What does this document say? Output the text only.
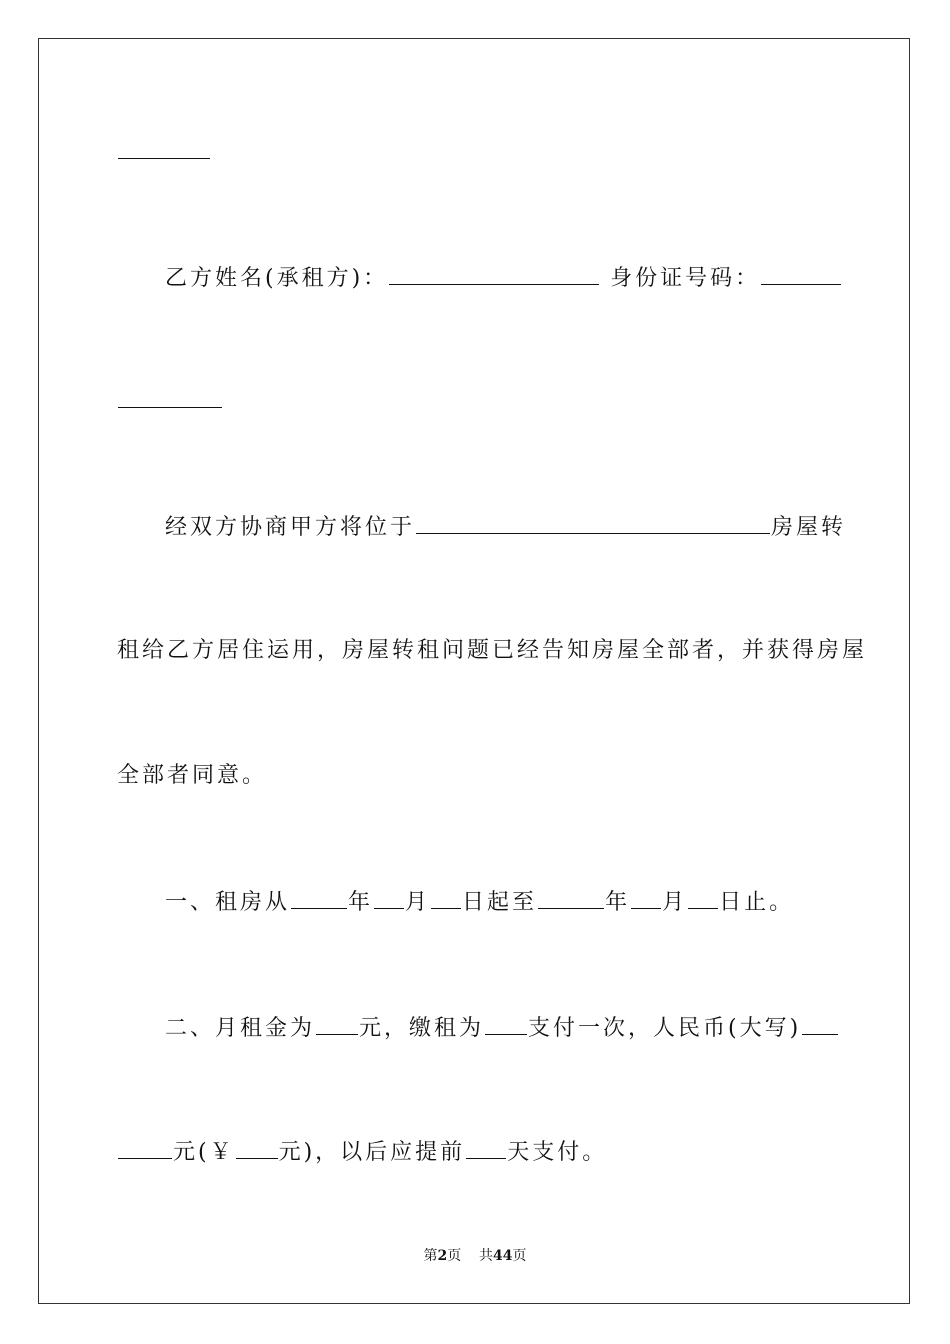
乙方姓名(承租方)：	身份证号码：
经双方协商甲方将位于	房屋转
租给乙方居住运用，房屋转租问题已经告知房屋全部者，并获得房屋
全部者同意。
一、租房从	年 月 日起至	年 月 日止。
二、月租金为 元，缴租为 支付一次，人民币(大写)
元(￥ 元)，以后应提前 天支付。
第2页 共44页
